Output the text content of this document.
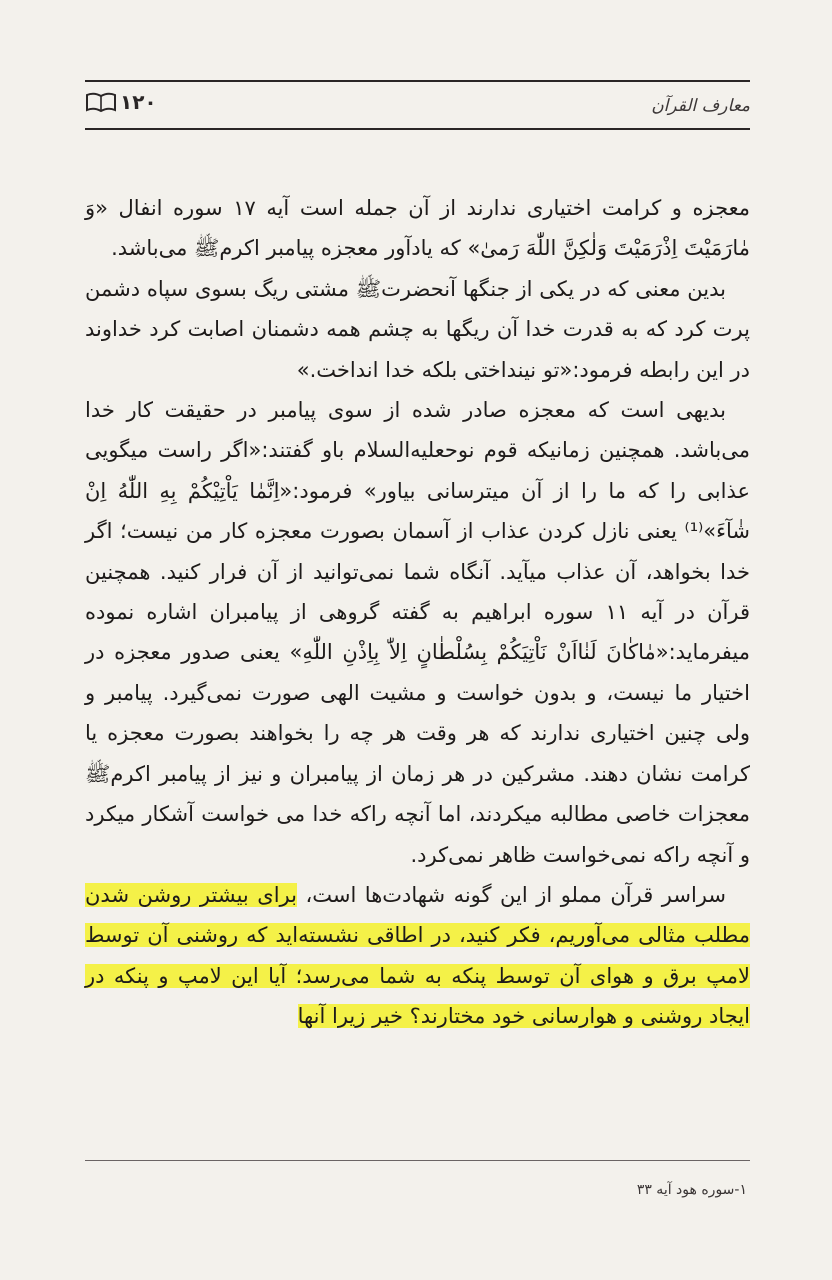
معارف القرآن
۱۲۰

معجزه و کرامت اختیاری ندارند از آن جمله است آیه ۱۷ سوره انفال «وَ مٰارَمَیْتَ اِذْرَمَیْتَ وَلٰکِنَّ اللّٰهَ رَمیٰ» که یادآور معجزه پیامبر اکرمﷺ می‌باشد.

بدین معنی که در یکی از جنگها آنحضرتﷺ مشتی ریگ بسوی سپاه دشمن پرت کرد که به قدرت خدا آن ریگها به چشم همه دشمنان اصابت کرد خداوند در این رابطه فرمود:«تو نینداختی بلکه خدا انداخت.»

بدیهی است که معجزه صادر شده از سوی پیامبر در حقیقت کار خدا می‌باشد. همچنین زمانیکه قوم نوحعلیه‌السلام باو گفتند:«اگر راست میگویی عذابی را که ما را از آن میترسانی بیاور» فرمود:«اِنَّمٰا یَاْتِیْکُمْ بِهِ اللّٰهُ اِنْ شٰآءَ»⁽¹⁾ یعنی نازل کردن عذاب از آسمان بصورت معجزه کار من نیست؛ اگر خدا بخواهد، آن عذاب میآید. آنگاه شما نمی‌توانید از آن فرار کنید. همچنین قرآن در آیه ۱۱ سوره ابراهیم به گفته گروهی از پیامبران اشاره نموده میفرماید:«مٰاکٰانَ لَنٰااَنْ نَاْتِیَکُمْ بِسُلْطٰانٍ اِلاّٰ بِاِذْنِ اللّٰهِ» یعنی صدور معجزه در اختیار ما نیست، و بدون خواست و مشیت الهی صورت نمی‌گیرد. پیامبر و ولی چنین اختیاری ندارند که هر وقت هر چه را بخواهند بصورت معجزه یا کرامت نشان دهند. مشرکین در هر زمان از پیامبران و نیز از پیامبر اکرمﷺ معجزات خاصی مطالبه میکردند، اما آنچه راکه خدا می خواست آشکار میکرد و آنچه راکه نمی‌خواست ظاهر نمی‌کرد.

سراسر قرآن مملو از این گونه شهادت‌ها است، برای بیشتر روشن شدن مطلب مثالی می‌آوریم، فکر کنید، در اطاقی نشسته‌اید که روشنی آن توسط لامپ برق و هوای آن توسط پنکه به شما می‌رسد؛ آیا این لامپ و پنکه در ایجاد روشنی و هوارسانی خود مختارند؟ خیر زیرا آنها

۱-سوره هود آیه ۳۳
